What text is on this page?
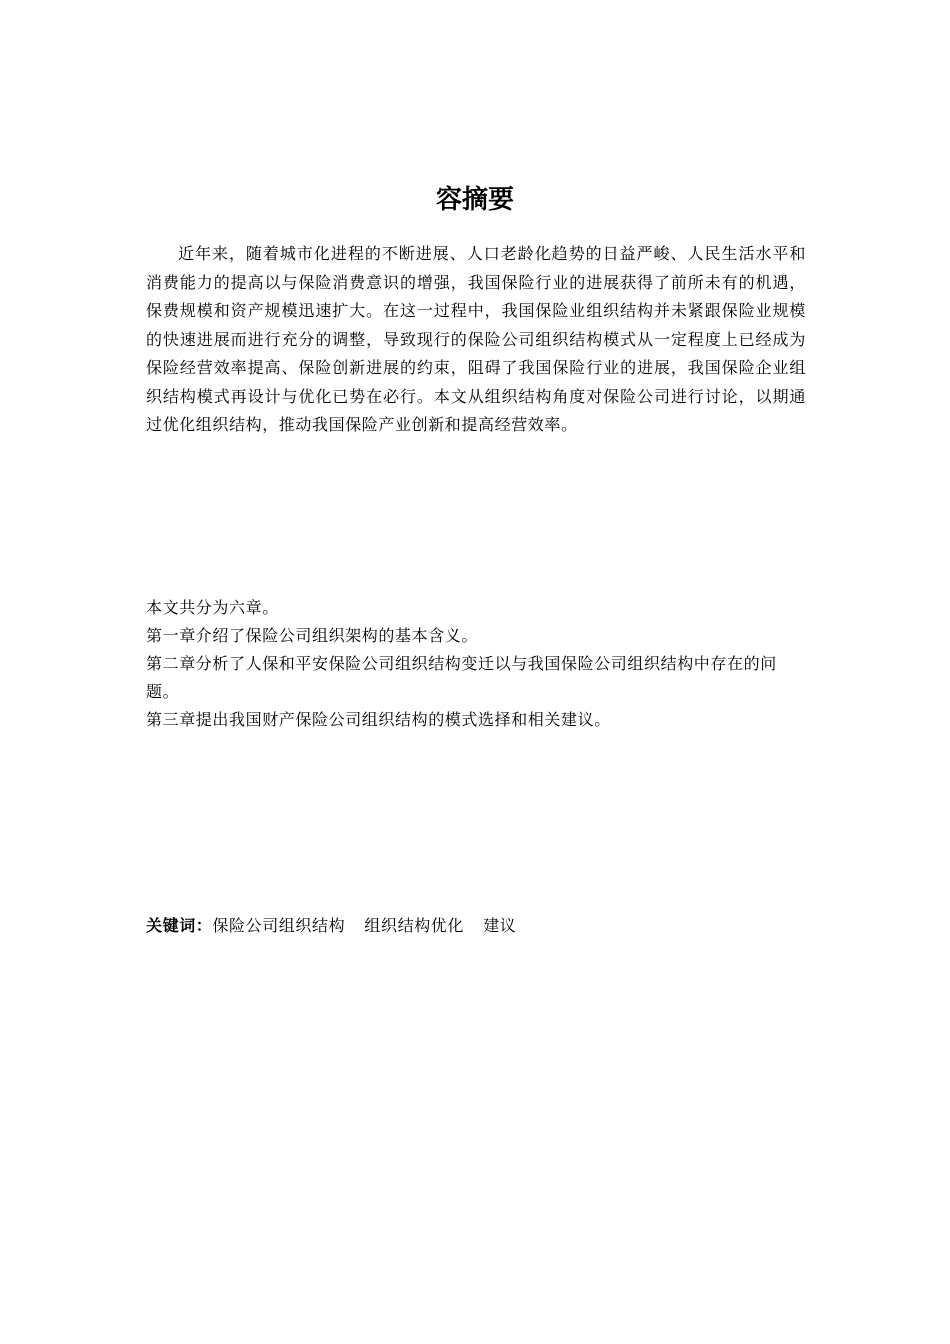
容摘要

近年来，随着城市化进程的不断进展、人口老龄化趋势的日益严峻、人民生活水平和消费能力的提高以与保险消费意识的增强，我国保险行业的进展获得了前所未有的机遇，保费规模和资产规模迅速扩大。在这一过程中，我国保险业组织结构并未紧跟保险业规模的快速进展而进行充分的调整，导致现行的保险公司组织结构模式从一定程度上已经成为保险经营效率提高、保险创新进展的约束，阻碍了我国保险行业的进展，我国保险企业组织结构模式再设计与优化已势在必行。本文从组织结构角度对保险公司进行讨论，以期通过优化组织结构，推动我国保险产业创新和提高经营效率。

本文共分为六章。
第一章介绍了保险公司组织架构的基本含义。
第二章分析了人保和平安保险公司组织结构变迁以与我国保险公司组织结构中存在的问题。
第三章提出我国财产保险公司组织结构的模式选择和相关建议。

关键词：保险公司组织结构 组织结构优化 建议
